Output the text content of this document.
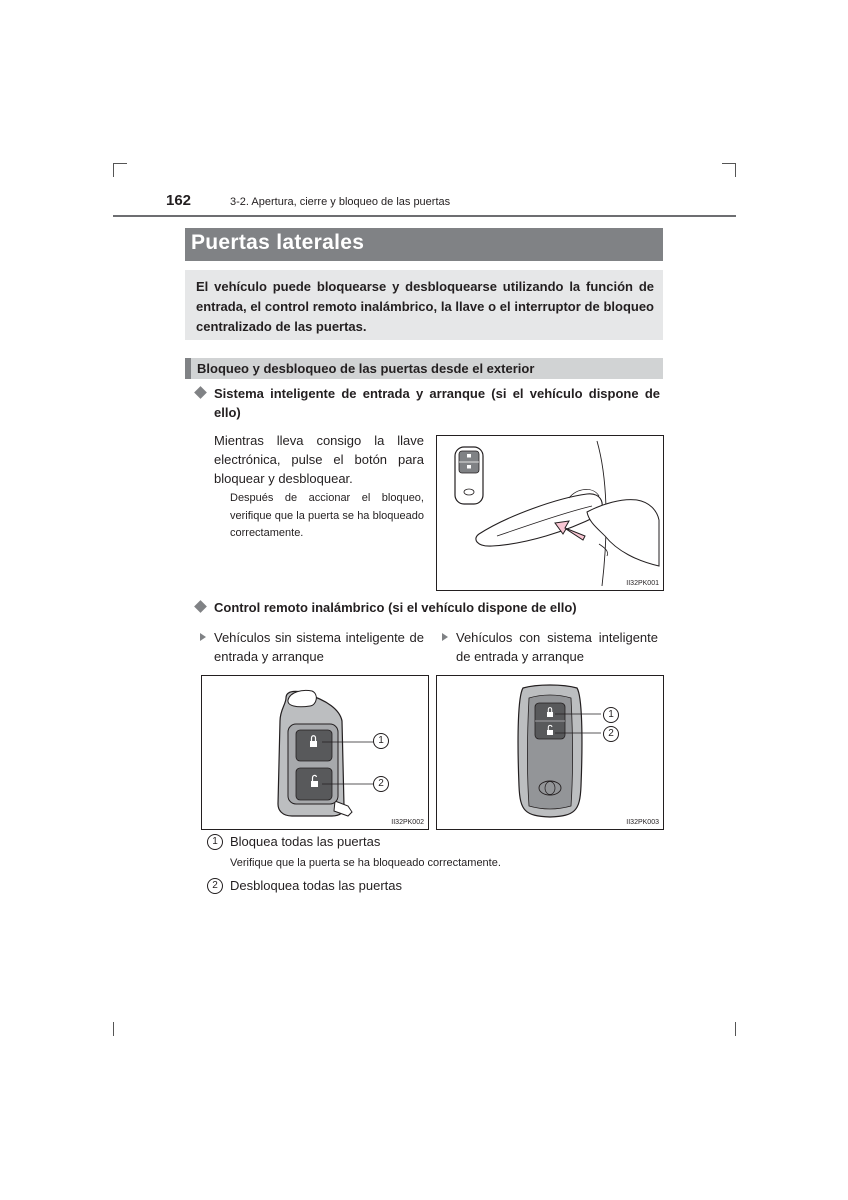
162	3-2. Apertura, cierre y bloqueo de las puertas
Puertas laterales

El vehículo puede bloquearse y desbloquearse utilizando la función de entrada, el control remoto inalámbrico, la llave o el interruptor de bloqueo centralizado de las puertas.

Bloqueo y desbloqueo de las puertas desde el exterior
Sistema inteligente de entrada y arranque (si el vehículo dispone de ello)
Mientras lleva consigo la llave electrónica, pulse el botón para bloquear y desbloquear.
Después de accionar el bloqueo, verifique que la puerta se ha bloqueado correctamente.
II32PK001
Control remoto inalámbrico (si el vehículo dispone de ello)
Vehículos sin sistema inteligente de entrada y arranque
Vehículos con sistema inteligente de entrada y arranque
1
2
II32PK002
1
2
II32PK003
1 Bloquea todas las puertas
Verifique que la puerta se ha bloqueado correctamente.
2 Desbloquea todas las puertas
